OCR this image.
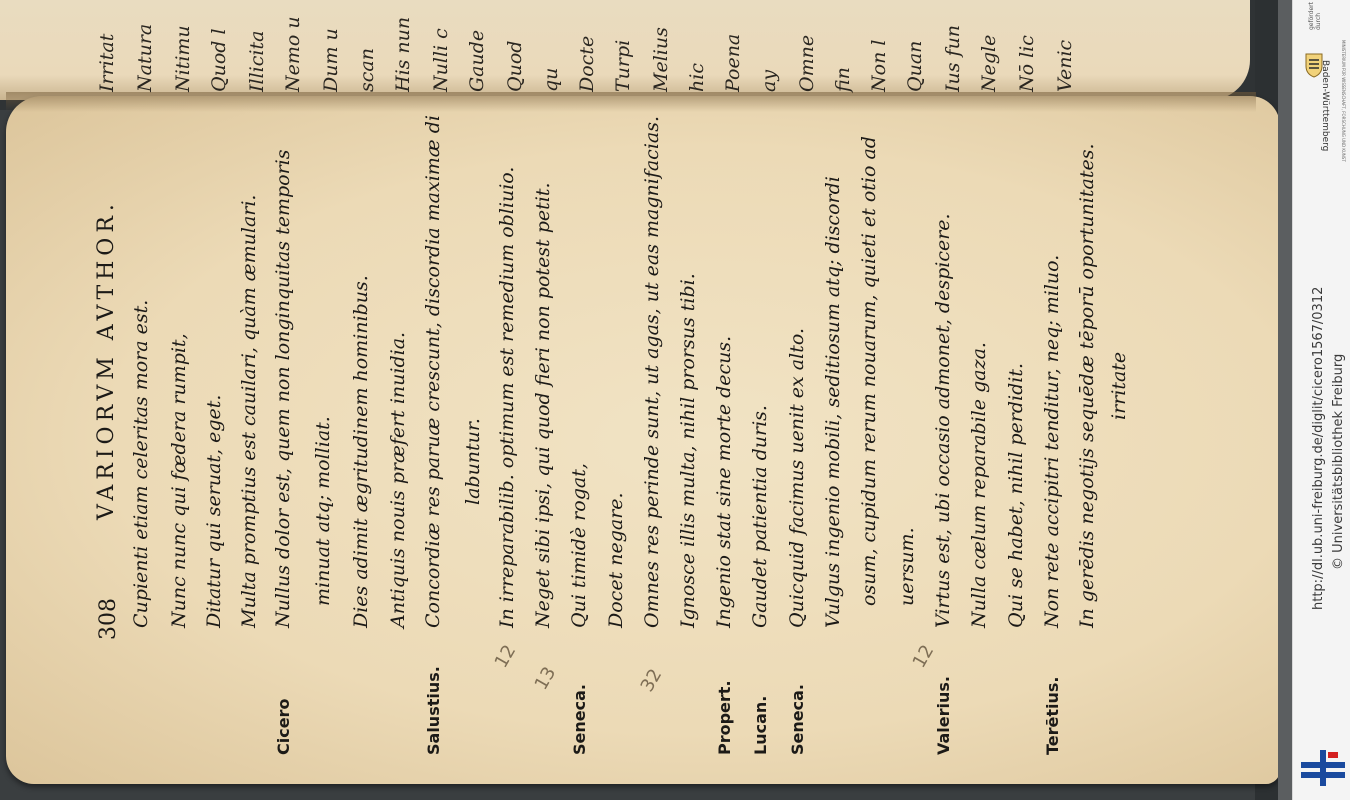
Irritat Natura Nitimu Quod l Illicita Nemo u Dum u scan His nun Nulli c Gaude Quod qu Docte Turpi Melius hic Poena ay Omne fin Non l Quan Ius fun Negle Nō lic Venic
308
VARIORVM AVTHOR. Cupienti etiam celeritas mora est. Nunc nunc qui fœdera rumpit, Ditatur qui seruat, eget. Multa promptius est cauilari, quàm æmulari. Nullus dolor est, quem non longinquitas temporis
Cicero
minuat atq; molliat. Dies adimit ægritudinem hominibus. Antiquis nouis præfert inuidia. Concordiæ res paruæ crescunt, discordia maximæ di
Salustius.
labuntur. In irreparabilib. optimum est remedium obliuio. Neget sibi ipsi, qui quod fieri non potest petit. Qui timidè rogat,
Seneca.
Docet negare. Omnes res perinde sunt, ut agas, ut eas magnifacias. Ignosce illis multa, nihil prorsus tibi. Ingenio stat sine morte decus.
Propert.
Gaudet patientia duris.
Lucan.
Quicquid facimus uenit ex alto.
Seneca.
Vulgus ingenio mobili, seditiosum atq; discordi osum, cupidum rerum nouarum, quieti et otio ad uersum. Virtus est, ubi occasio admonet, despicere.
Valerius.
Nulla cælum reparabile gaza. Qui se habet, nihil perdidit. Non rete accipitri tenditur, neq; miluo.
Terētius.
In gerēdis negotijs sequēdæ tēporū oportunitates. irritate
12
13	32
12
gefördert durch
Baden-Württemberg	MINISTERIUM FÜR WISSENSCHAFT, FORSCHUNG UND KUNST
http://dl.ub.uni-freiburg.de/diglit/cicero1567/0312 © Universitätsbibliothek Freiburg
